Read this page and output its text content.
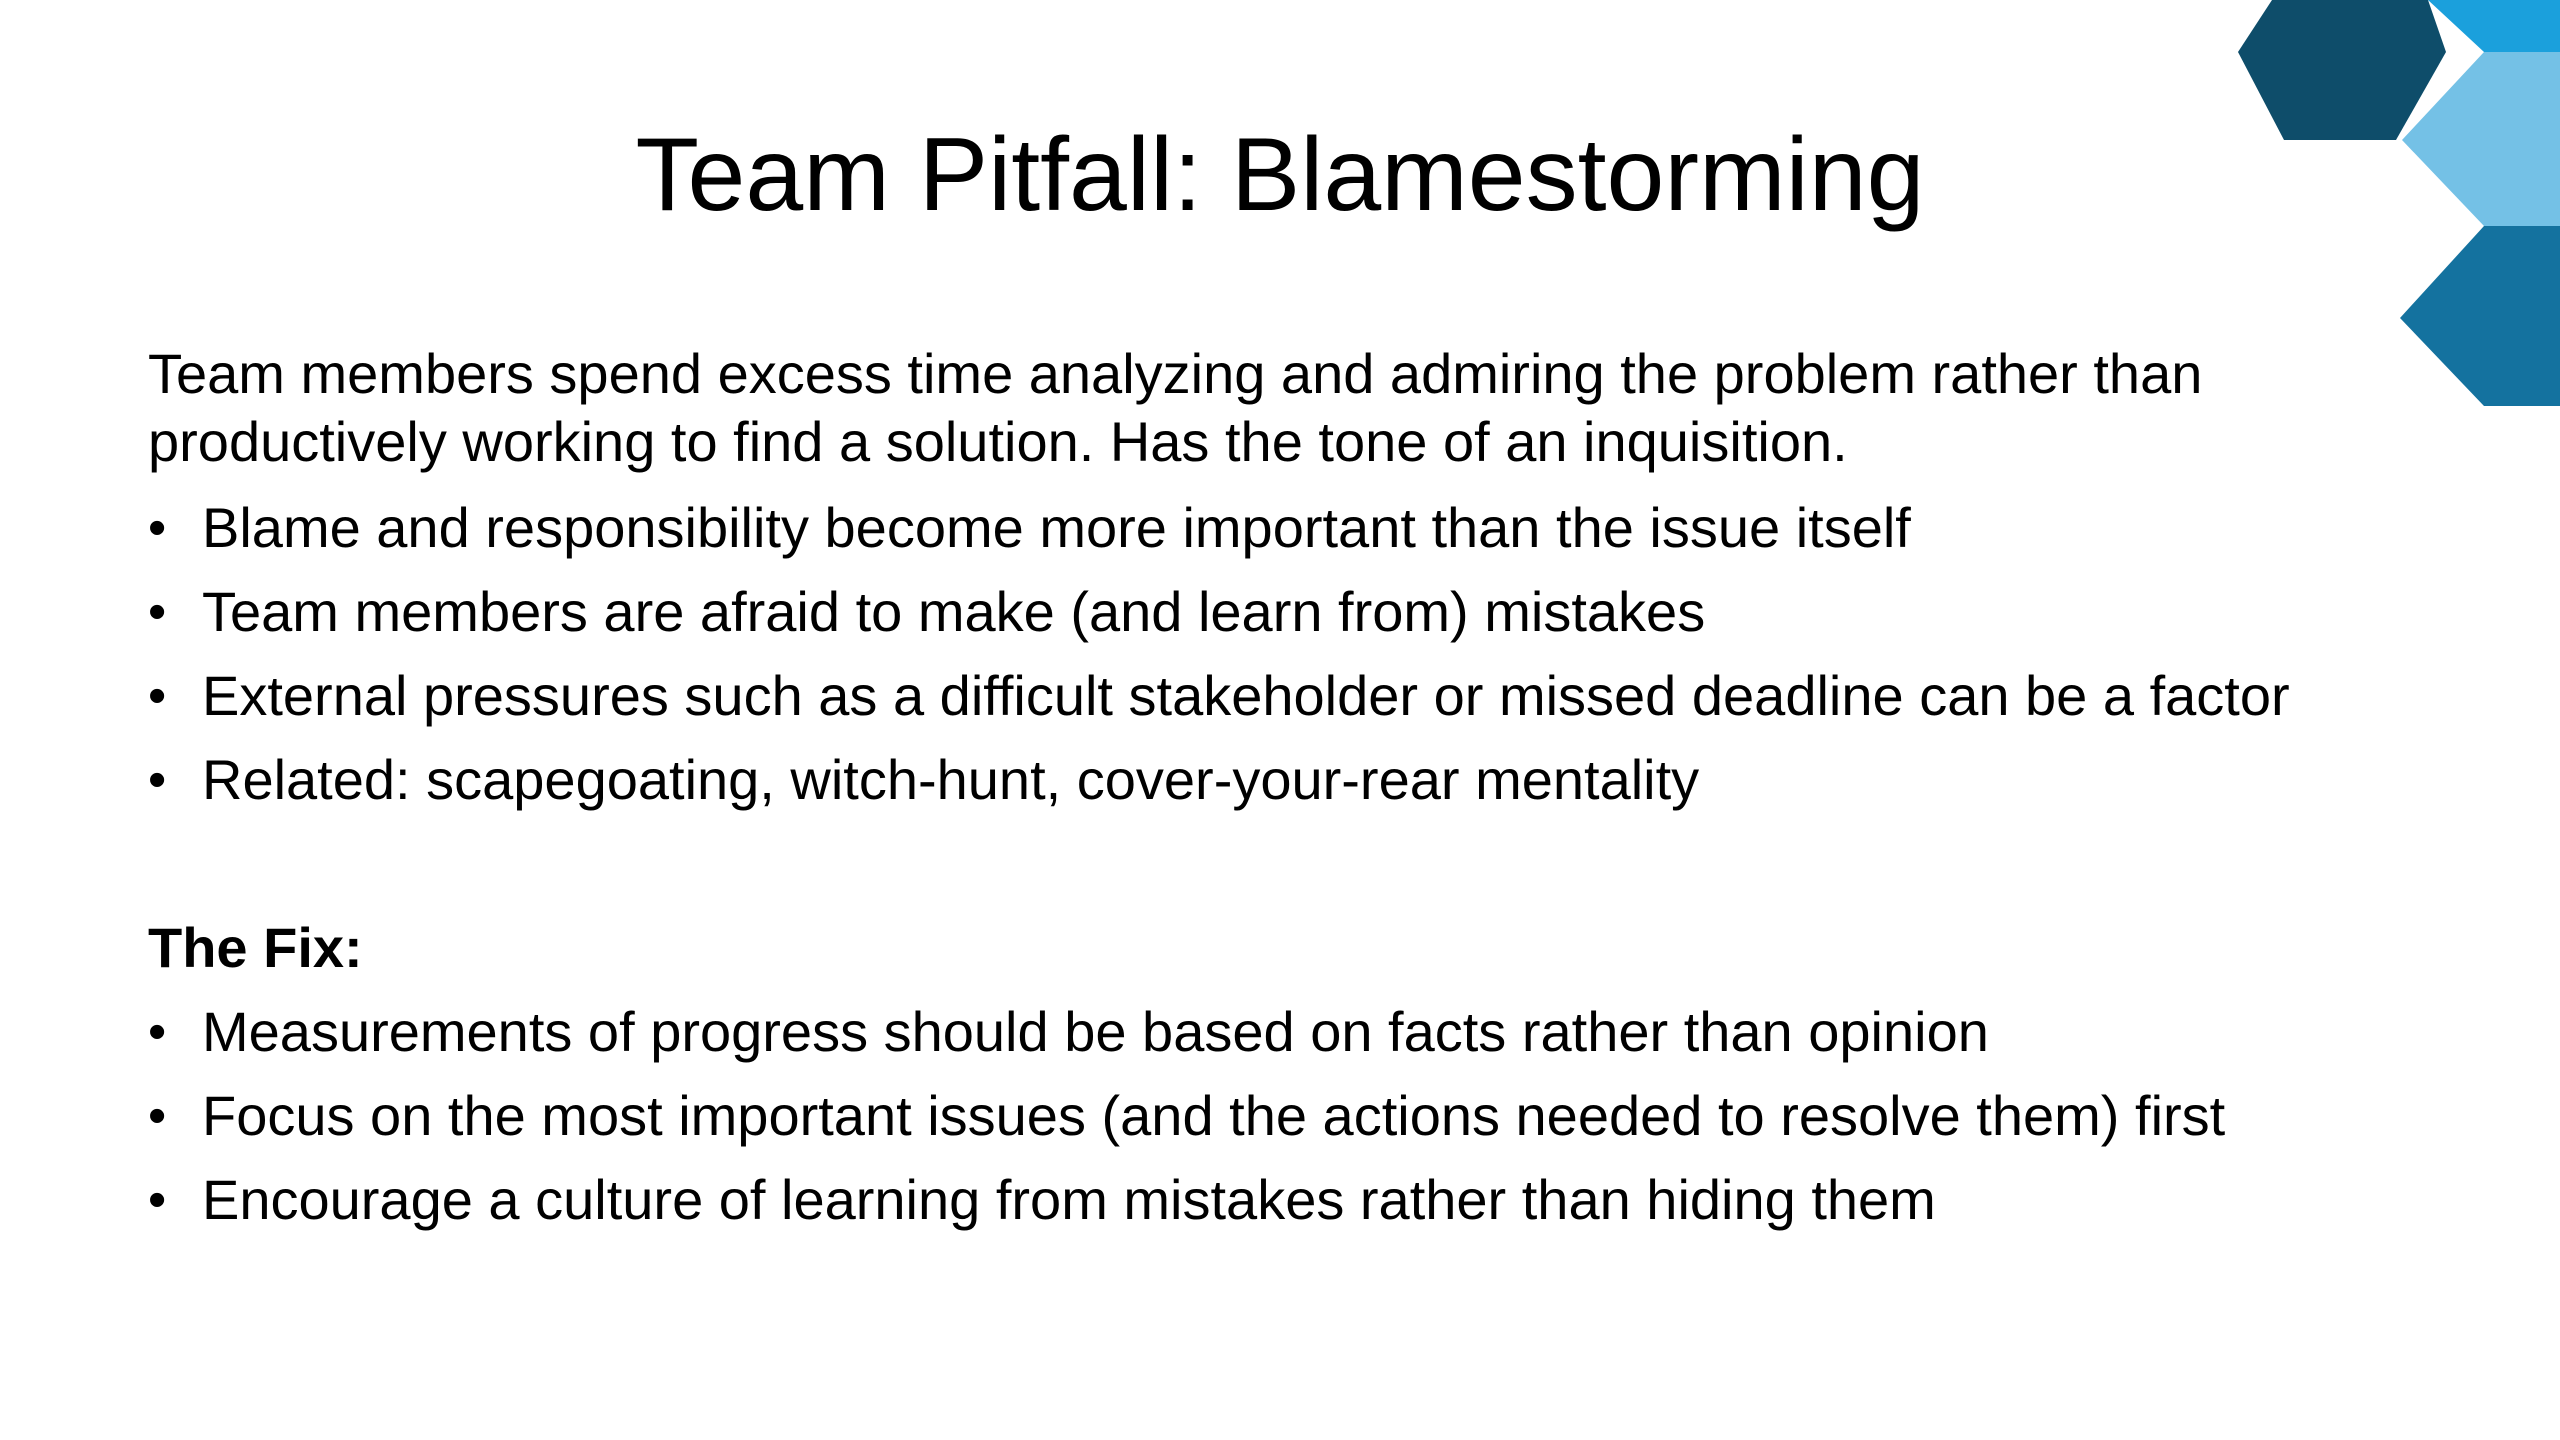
Team Pitfall: Blamestorming

Team members spend excess time analyzing and admiring the problem rather than productively working to find a solution. Has the tone of an inquisition.

• Blame and responsibility become more important than the issue itself
• Team members are afraid to make (and learn from) mistakes
• External pressures such as a difficult stakeholder or missed deadline can be a factor
• Related: scapegoating, witch-hunt, cover-your-rear mentality

The Fix:

• Measurements of progress should be based on facts rather than opinion
• Focus on the most important issues (and the actions needed to resolve them) first
• Encourage a culture of learning from mistakes rather than hiding them
